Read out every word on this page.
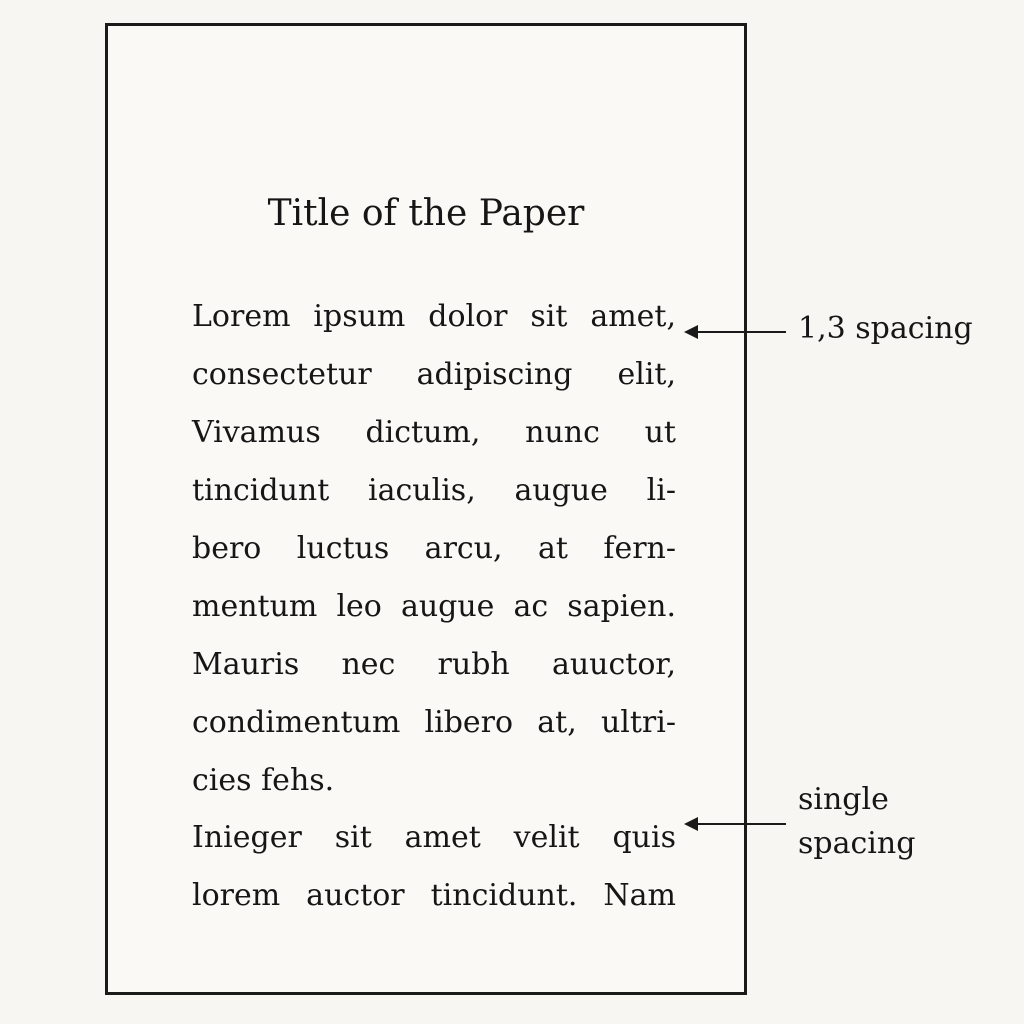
Title of the Paper
Lorem ipsum dolor sit amet,
consectetur adipiscing elit,
Vivamus dictum, nunc ut
tincidunt iaculis, augue li-
bero luctus arcu, at fern-
mentum leo augue ac sapien.
Mauris nec rubh auuctor,
condimentum libero at, ultri-
cies fehs.
Inieger sit amet velit quis
lorem auctor tincidunt. Nam
1,3 spacing
single
spacing
